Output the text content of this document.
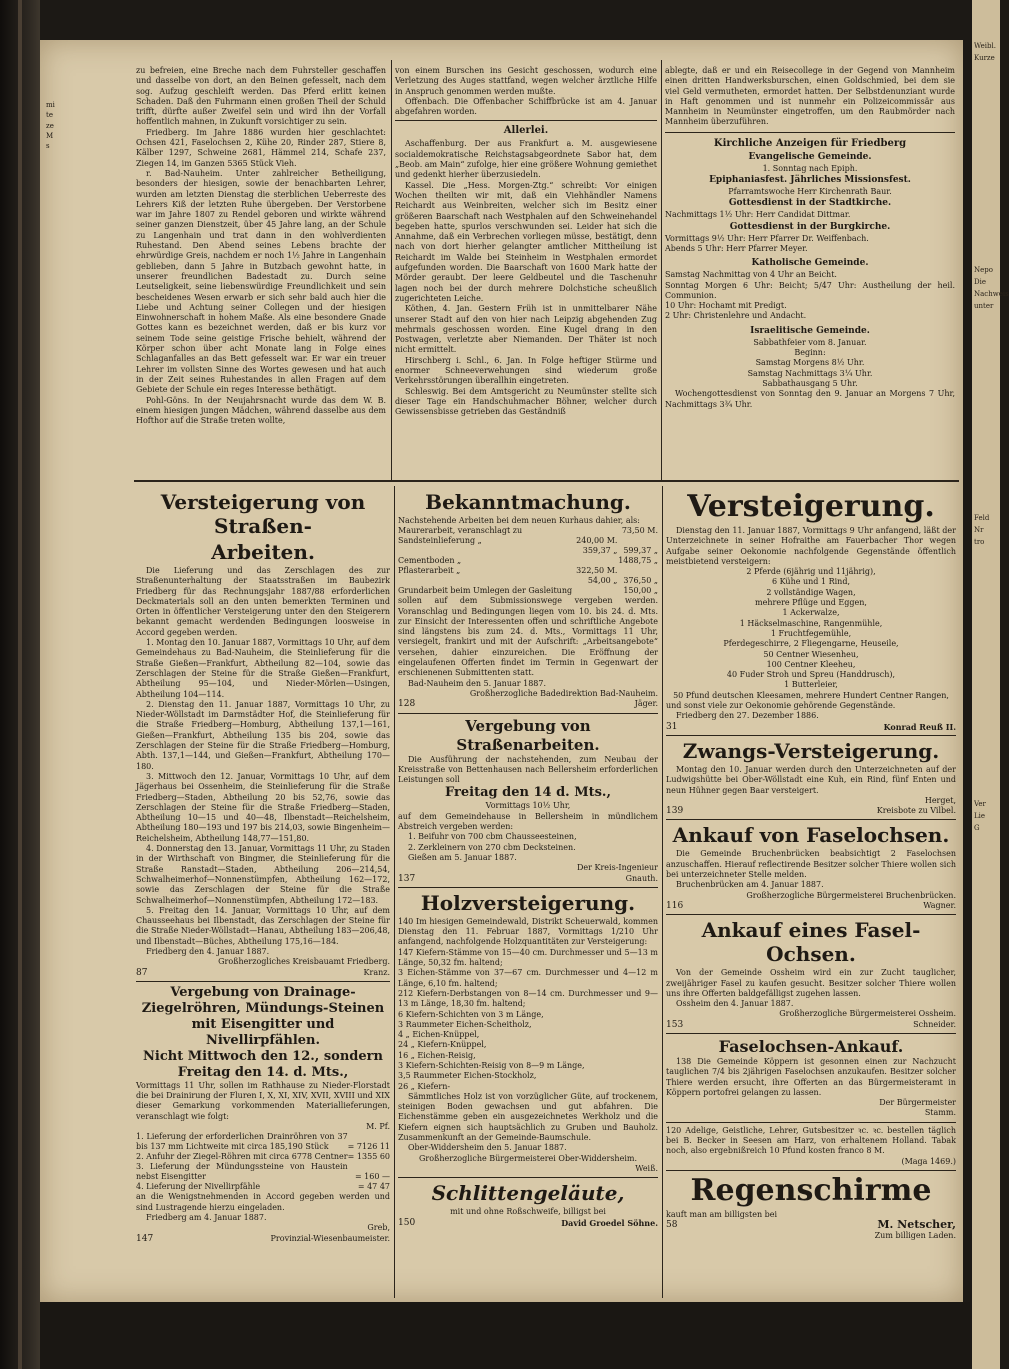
zu befreien, eine Breche nach dem Fuhrsteller geschaffen und dasselbe von dort, an den Beinen gefesselt, nach dem sog. Aufzug geschleift werden. Das Pferd erlitt keinen Schaden. Daß den Fuhrmann einen großen Theil der Schuld trifft, dürfte außer Zweifel sein und wird ihn der Vorfall hoffentlich mahnen, in Zukunft vorsichtiger zu sein.

Friedberg. Im Jahre 1886 wurden hier geschlachtet: Ochsen 421, Faselochsen 2, Kühe 20, Rinder 287, Stiere 8, Kälber 1297, Schweine 2681, Hämmel 214, Schafe 237, Ziegen 14, im Ganzen 5365 Stück Vieh.

r. Bad-Nauheim. Unter zahlreicher Betheiligung, besonders der hiesigen, sowie der benachbarten Lehrer, wurden am letzten Dienstag die sterblichen Ueberreste des Lehrers Kiß der letzten Ruhe übergeben. Der Verstorbene war im Jahre 1807 zu Rendel geboren und wirkte während seiner ganzen Dienstzeit, über 45 Jahre lang, an der Schule zu Langenhain und trat dann in den wohlverdienten Ruhestand. Den Abend seines Lebens brachte der ehrwürdige Greis, nachdem er noch 1½ Jahre in Langenhain geblieben, dann 5 Jahre in Butzbach gewohnt hatte, in unserer freundlichen Badestadt zu. Durch seine Leutseligkeit, seine liebenswürdige Freundlichkeit und sein bescheidenes Wesen erwarb er sich sehr bald auch hier die Liebe und Achtung seiner Collegen und der hiesigen Einwohnerschaft in hohem Maße. Als eine besondere Gnade Gottes kann es bezeichnet werden, daß er bis kurz vor seinem Tode seine geistige Frische behielt, während der Körper schon über acht Monate lang in Folge eines Schlaganfalles an das Bett gefesselt war. Er war ein treuer Lehrer im vollsten Sinne des Wortes gewesen und hat auch in der Zeit seines Ruhestandes in allen Fragen auf dem Gebiete der Schule ein reges Interesse bethätigt.

Pohl-Göns. In der Neujahrsnacht wurde das dem W. B. einem hiesigen jungen Mädchen, während dasselbe aus dem Hofthor auf die Straße treten wollte,

von einem Burschen ins Gesicht geschossen, wodurch eine Verletzung des Auges stattfand, wegen welcher ärztliche Hilfe in Anspruch genommen werden mußte.

Offenbach. Die Offenbacher Schiffbrücke ist am 4. Januar abgefahren worden.

Allerlei.

Aschaffenburg. Der aus Frankfurt a. M. ausgewiesene socialdemokratische Reichstagsabgeordnete Sabor hat, dem „Beob. am Main“ zufolge, hier eine größere Wohnung gemiethet und gedenkt hierher überzusiedeln.

Kassel. Die „Hess. Morgen-Ztg.“ schreibt: Vor einigen Wochen theilten wir mit, daß ein Viehhändler Namens Reichardt aus Weinbreiten, welcher sich im Besitz einer größeren Baarschaft nach Westphalen auf den Schweinehandel begeben hatte, spurlos verschwunden sei. Leider hat sich die Annahme, daß ein Verbrechen vorliegen müsse, bestätigt, denn nach von dort hierher gelangter amtlicher Mittheilung ist Reichardt im Walde bei Steinheim in Westphalen ermordet aufgefunden worden. Die Baarschaft von 1600 Mark hatte der Mörder geraubt. Der leere Geldbeutel und die Taschenuhr lagen noch bei der durch mehrere Dolchstiche scheußlich zugerichteten Leiche.

Köthen, 4. Jan. Gestern Früh ist in unmittelbarer Nähe unserer Stadt auf den von hier nach Leipzig abgehenden Zug mehrmals geschossen worden. Eine Kugel drang in den Postwagen, verletzte aber Niemanden. Der Thäter ist noch nicht ermittelt.

Hirschberg i. Schl., 6. Jan. In Folge heftiger Stürme und enormer Schneeverwehungen sind wiederum große Verkehrsstörungen überallhin eingetreten.

Schleswig. Bei dem Amtsgericht zu Neumünster stellte sich dieser Tage ein Handschuhmacher Böhner, welcher durch Gewissensbisse getrieben das Geständniß

ablegte, daß er und ein Reisecollege in der Gegend von Mannheim einen dritten Handwerksburschen, einen Goldschmied, bei dem sie viel Geld vermutheten, ermordet hatten. Der Selbstdenunziant wurde in Haft genommen und ist nunmehr ein Polizeicommissär aus Mannheim in Neumünster eingetroffen, um den Raubmörder nach Mannheim überzuführen.

Kirchliche Anzeigen für Friedberg

Evangelische Gemeinde.

1. Sonntag nach Epiph.

Epiphaniasfest. Jährliches Missionsfest.

Pfarramtswoche Herr Kirchenrath Baur.

Gottesdienst in der Stadtkirche.

Nachmittags 1½ Uhr: Herr Candidat Dittmar.

Gottesdienst in der Burgkirche.

Vormittags 9½ Uhr: Herr Pfarrer Dr. Weiffenbach.

Abends 5 Uhr: Herr Pfarrer Meyer.

Katholische Gemeinde.

Samstag Nachmittag von 4 Uhr an Beicht.

Sonntag Morgen 6 Uhr: Beicht; 5/47 Uhr: Austheilung der heil. Communion.

10 Uhr: Hochamt mit Predigt.

2 Uhr: Christenlehre und Andacht.

Israelitische Gemeinde.

Sabbathfeier vom 8. Januar.

Beginn:

Samstag Morgens 8½ Uhr.

Samstag Nachmittags 3¼ Uhr.

Sabbathausgang 5 Uhr.

Wochengottesdienst von Sonntag den 9. Januar an Morgens 7 Uhr, Nachmittags 3¾ Uhr.

Versteigerung von Straßen-

Arbeiten.

Die Lieferung und das Zerschlagen des zur Straßenunterhaltung der Staatsstraßen im Baubezirk Friedberg für das Rechnungsjahr 1887/88 erforderlichen Deckmaterials soll an den unten bemerkten Terminen und Orten in öffentlicher Versteigerung unter den den Steigerern bekannt gemacht werdenden Bedingungen loosweise in Accord gegeben werden.

1. Montag den 10. Januar 1887, Vormittags 10 Uhr, auf dem Gemeindehaus zu Bad-Nauheim, die Steinlieferung für die Straße Gießen—Frankfurt, Abtheilung 82—104, sowie das Zerschlagen der Steine für die Straße Gießen—Frankfurt, Abtheilung 95—104, und Nieder-Mörlen—Usingen, Abtheilung 104—114.

2. Dienstag den 11. Januar 1887, Vormittags 10 Uhr, zu Nieder-Wöllstadt im Darmstädter Hof, die Steinlieferung für die Straße Friedberg—Homburg, Abtheilung 137,1—161, Gießen—Frankfurt, Abtheilung 135 bis 204, sowie das Zerschlagen der Steine für die Straße Friedberg—Homburg, Abth. 137,1—144, und Gießen—Frankfurt, Abtheilung 170—180.

3. Mittwoch den 12. Januar, Vormittags 10 Uhr, auf dem Jägerhaus bei Ossenheim, die Steinlieferung für die Straße Friedberg—Staden, Abtheilung 20 bis 52,76, sowie das Zerschlagen der Steine für die Straße Friedberg—Staden, Abtheilung 10—15 und 40—48, Ilbenstadt—Reichelsheim, Abtheilung 180—193 und 197 bis 214,03, sowie Bingenheim—Reichelsheim, Abtheilung 148,77—151,80.

4. Donnerstag den 13. Januar, Vormittags 11 Uhr, zu Staden in der Wirthschaft von Bingmer, die Steinlieferung für die Straße Ranstadt—Staden, Abtheilung 206—214,54, Schwalheimerhof—Nonnenstümpfen, Abtheilung 162—172, sowie das Zerschlagen der Steine für die Straße Schwalheimerhof—Nonnenstümpfen, Abtheilung 172—183.

5. Freitag den 14. Januar, Vormittags 10 Uhr, auf dem Chausseehaus bei Ilbenstadt, das Zerschlagen der Steine für die Straße Nieder-Wöllstadt—Hanau, Abtheilung 183—206,48, und Ilbenstadt—Büches, Abtheilung 175,16—184.

Friedberg den 4. Januar 1887.

Großherzogliches Kreisbauamt Friedberg.

87	Kranz.

Vergebung von Drainage-Ziegelröhren, Mündungs-Steinen mit Eisengitter und Nivellirpfählen.

Nicht Mittwoch den 12., sondern Freitag den 14. d. Mts.,

Vormittags 11 Uhr, sollen im Rathhause zu Nieder-Florstadt die bei Drainirung der Fluren I, X, XI, XIV, XVII, XVIII und XIX dieser Gemarkung vorkommenden Materiallieferungen, veranschlagt wie folgt:

M. Pf.

1. Lieferung der erforderlichen Drainröhren von 37 bis 137 mm Lichtweite mit circa 185,190 Stück	= 7126 11
2. Anfuhr der Ziegel-Röhren mit circa 6778 Centner	= 1355 60
3. Lieferung der Mündungssteine von Haustein nebst Eisengitter	= 160 —
4. Lieferung der Nivellirpfähle	= 47 47

an die Wenigstnehmenden in Accord gegeben werden und sind Lustragende hierzu eingeladen.

Friedberg am 4. Januar 1887.

Greb,

147	Provinzial-Wiesenbaumeister.

Bekanntmachung.

Nachstehende Arbeiten bei dem neuen Kurhaus dahier, als:

Maurerarbeit, veranschlagt zu		73,50 M.
Sandsteinlieferung „	240,00 M.	
	359,37 „	599,37 „
Cementboden „		1488,75 „
Pflasterarbeit „	322,50 M.	
	54,00 „	376,50 „
Grundarbeit beim Umlegen der Gasleitung		150,00 „

sollen auf dem Submissionswege vergeben werden. Voranschlag und Bedingungen liegen vom 10. bis 24. d. Mts. zur Einsicht der Interessenten offen und schriftliche Angebote sind längstens bis zum 24. d. Mts., Vormittags 11 Uhr, versiegelt, frankirt und mit der Aufschrift: „Arbeitsangebote“ versehen, dahier einzureichen. Die Eröffnung der eingelaufenen Offerten findet im Termin in Gegenwart der erschienenen Submittenten statt.

Bad-Nauheim den 5. Januar 1887.

Großherzogliche Badedirektion Bad-Nauheim.

128	Jäger.

Vergebung von Straßenarbeiten.

Die Ausführung der nachstehenden, zum Neubau der Kreisstraße von Bettenhausen nach Bellersheim erforderlichen Leistungen soll

Freitag den 14 d. Mts.,

Vormittags 10½ Uhr,

auf dem Gemeindehause in Bellersheim in mündlichem Abstreich vergeben werden:

1. Beifuhr von 700 cbm Chausseesteinen,

2. Zerkleinern von 270 cbm Decksteinen.

Gießen am 5. Januar 1887.

Der Kreis-Ingenieur

137	Gnauth.

Holzversteigerung.

140 Im hiesigen Gemeindewald, Distrikt Scheuerwald, kommen Dienstag den 11. Februar 1887, Vormittags 1/210 Uhr anfangend, nachfolgende Holzquantitäten zur Versteigerung:

147 Kiefern-Stämme von 15—40 cm. Durchmesser und 5—13 m Länge, 50,32 fm. haltend;

3 Eichen-Stämme von 37—67 cm. Durchmesser und 4—12 m Länge, 6,10 fm. haltend;

212 Kiefern-Derbstangen von 8—14 cm. Durchmesser und 9—13 m Länge, 18,30 fm. haltend;

6 Kiefern-Schichten von 3 m Länge,

3 Raummeter Eichen-Scheitholz,

4 „ Eichen-Knüppel,

24 „ Kiefern-Knüppel,

16 „ Eichen-Reisig,

3 Kiefern-Schichten-Reisig von 8—9 m Länge,

3,5 Raummeter Eichen-Stockholz,

26 „ Kiefern-

Sämmtliches Holz ist von vorzüglicher Güte, auf trockenem, steinigen Boden gewachsen und gut abfahren. Die Eichenstämme geben ein ausgezeichnetes Werkholz und die Kiefern eignen sich hauptsächlich zu Gruben und Bauholz. Zusammenkunft an der Gemeinde-Baumschule.

Ober-Widdersheim den 5. Januar 1887.

Großherzogliche Bürgermeisterei Ober-Widdersheim.

Weiß.

Schlittengeläute,

mit und ohne Roßschweife, billigst bei

150	David Groedel Söhne.

Versteigerung.

Dienstag den 11. Januar 1887, Vormittags 9 Uhr anfangend, läßt der Unterzeichnete in seiner Hofraithe am Fauerbacher Thor wegen Aufgabe seiner Oekonomie nachfolgende Gegenstände öffentlich meistbietend versteigern:

2 Pferde (6jährig und 11jährig),

6 Kühe und 1 Rind,

2 vollständige Wagen,

mehrere Pflüge und Eggen,

1 Ackerwalze,

1 Häckselmaschine, Rangenmühle,

1 Fruchtfegemühle,

Pferdegeschirre, 2 Fliegengarne, Heuseile,

50 Centner Wiesenheu,

100 Centner Kleeheu,

40 Fuder Stroh und Spreu (Handdrusch),

1 Butterleier,

50 Pfund deutschen Kleesamen, mehrere Hundert Centner Rangen,

und sonst viele zur Oekonomie gehörende Gegenstände.

Friedberg den 27. Dezember 1886.

31	Konrad Reuß II.

Zwangs-Versteigerung.

Montag den 10. Januar werden durch den Unterzeichneten auf der Ludwigshütte bei Ober-Wöllstadt eine Kuh, ein Rind, fünf Enten und neun Hühner gegen Baar versteigert.

Herget,

139	Kreisbote zu Vilbel.

Ankauf von Faselochsen.

Die Gemeinde Bruchenbrücken beabsichtigt 2 Faselochsen anzuschaffen. Hierauf reflectirende Besitzer solcher Thiere wollen sich bei unterzeichneter Stelle melden.

Bruchenbrücken am 4. Januar 1887.

Großherzogliche Bürgermeisterei Bruchenbrücken.

116	Wagner.

Ankauf eines Fasel-Ochsen.

Von der Gemeinde Ossheim wird ein zur Zucht tauglicher, zweijähriger Fasel zu kaufen gesucht. Besitzer solcher Thiere wollen uns ihre Offerten baldgefälligst zugehen lassen.

Ossheim den 4. Januar 1887.

Großherzogliche Bürgermeisterei Ossheim.

153	Schneider.

Faselochsen-Ankauf.

138 Die Gemeinde Köppern ist gesonnen einen zur Nachzucht tauglichen 7/4 bis 2jährigen Faselochsen anzukaufen. Besitzer solcher Thiere werden ersucht, ihre Offerten an das Bürgermeisteramt in Köppern portofrei gelangen zu lassen.

Der Bürgermeister

Stamm.

120 Adelige, Geistliche, Lehrer, Gutsbesitzer ꝛc. ꝛc. bestellen täglich bei B. Becker in Seesen am Harz, von erhaltenem Holland. Tabak noch, also ergebnißreich 10 Pfund kosten franco 8 M.

(Maga 1469.)

Regenschirme

kauft man am billigsten bei

58	M. Netscher,

Zum billigen Laden.

mi

te

ze

M

s

Weibl.
Kurze
Nepo
Die
Nachweis
unter
Feld
Nr
tro
Ver
Lie
G
